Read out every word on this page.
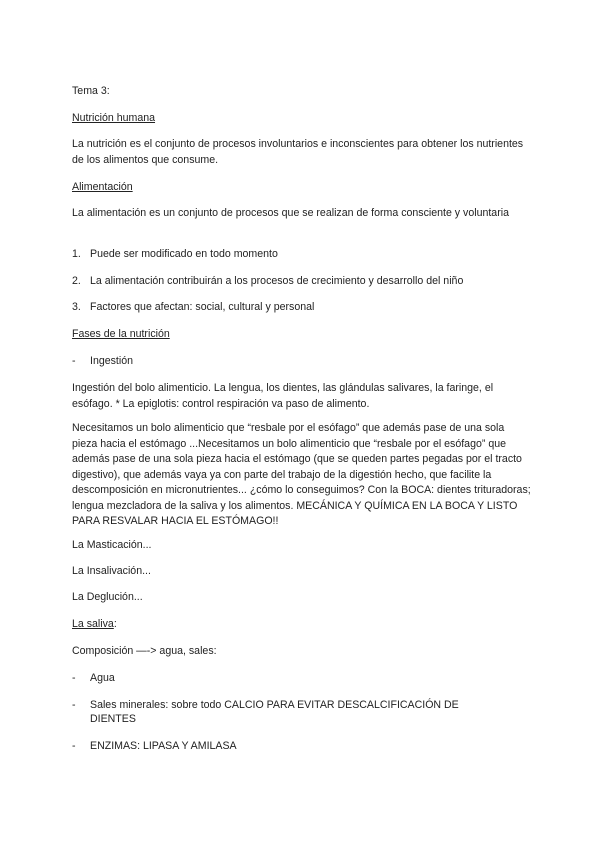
Tema 3:
Nutrición humana
La nutrición es el conjunto de procesos involuntarios e inconscientes para obtener los nutrientes de los alimentos que consume.
Alimentación
La alimentación es un conjunto de procesos que se realizan de forma consciente y voluntaria
1. Puede ser modificado en todo momento
2. La alimentación contribuirán a los procesos de crecimiento y desarrollo del niño
3. Factores que afectan: social, cultural y personal
Fases de la nutrición
- Ingestión
Ingestión del bolo alimenticio. La lengua, los dientes, las glándulas salivares, la faringe, el esófago. * La epiglotis: control respiración va paso de alimento.
Necesitamos un bolo alimenticio que “resbale por el esófago” que además pase de una sola pieza hacia el estómago ...Necesitamos un bolo alimenticio que “resbale por el esófago” que además pase de una sola pieza hacia el estómago (que se queden partes pegadas por el tracto digestivo), que además vaya ya con parte del trabajo de la digestión hecho, que facilite la descomposición en micronutrientes... ¿cómo lo conseguimos? Con la BOCA: dientes trituradoras; lengua mezcladora de la saliva y los alimentos. MECÁNICA Y QUÍMICA EN LA BOCA Y LISTO PARA RESVALAR HACIA EL ESTÓMAGO!!
La Masticación...
La Insalivación...
La Deglución...
La saliva:
Composición —-> agua, sales:
- Agua
- Sales minerales: sobre todo CALCIO PARA EVITAR DESCALCIFICACIÓN DE DIENTES
- ENZIMAS: LIPASA Y AMILASA
